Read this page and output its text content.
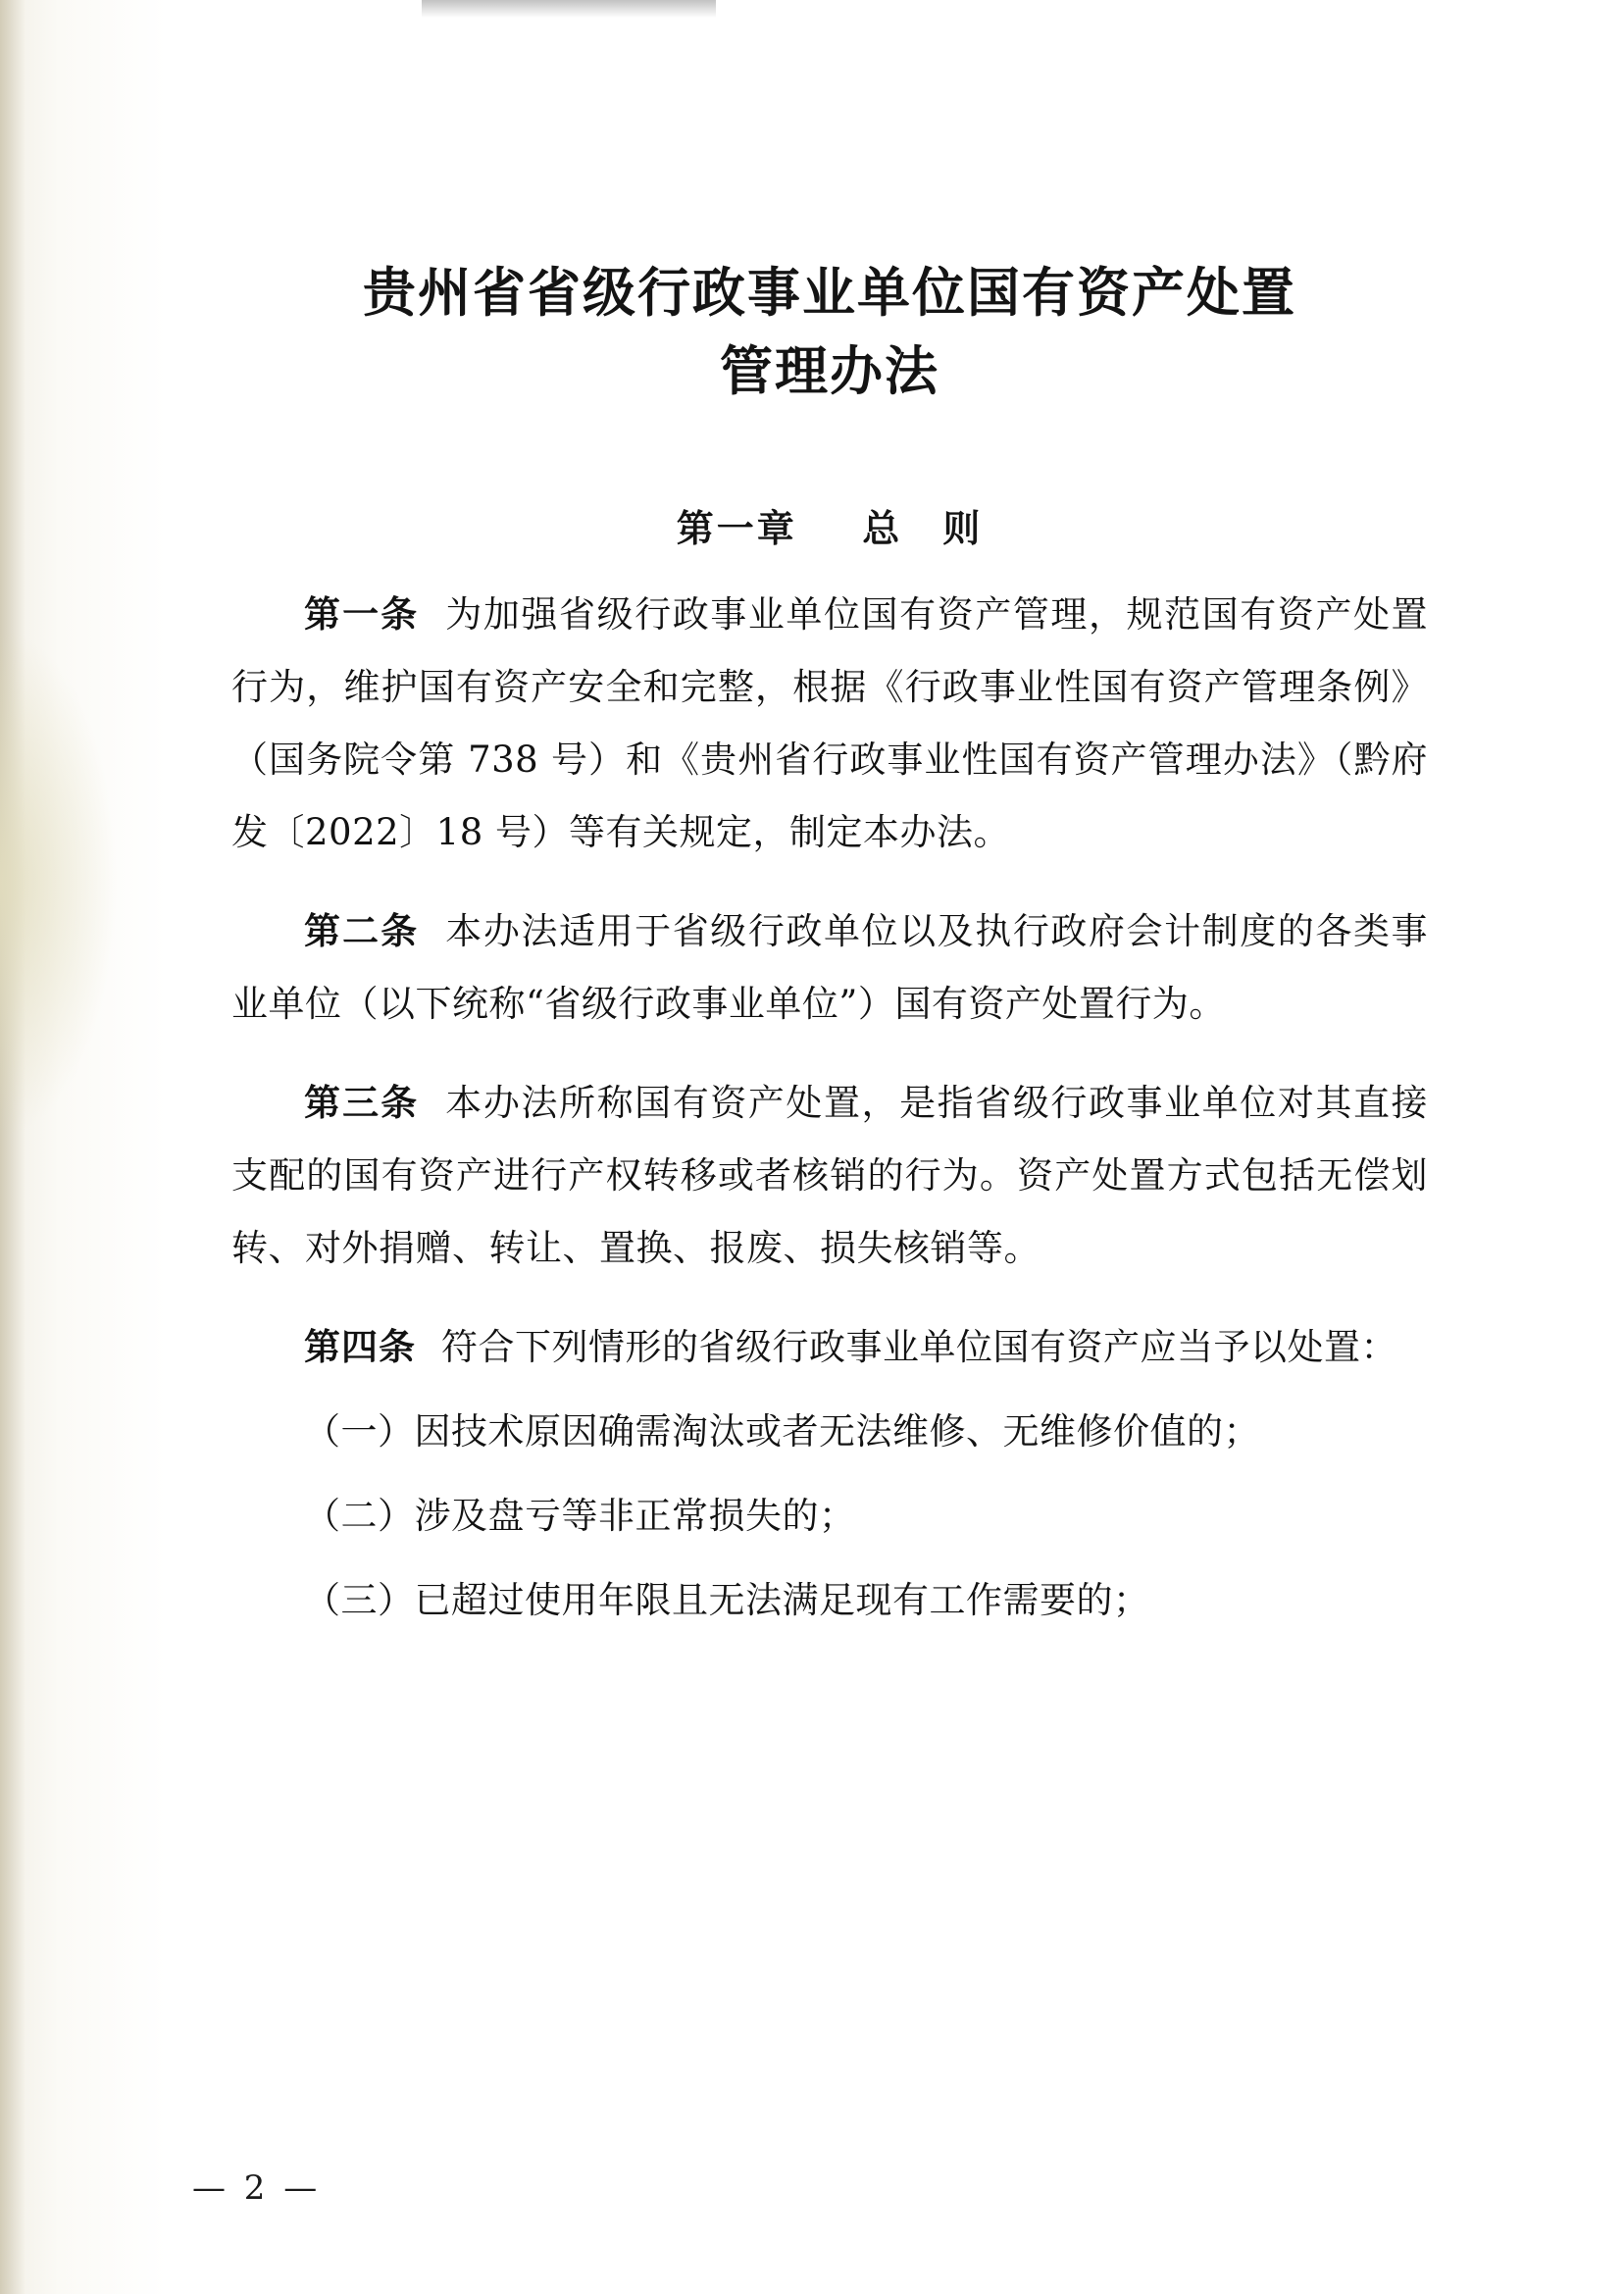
贵州省省级行政事业单位国有资产处置
管理办法
第一章 总　则

第一条 为加强省级行政事业单位国有资产管理，规范国有资产处置行为，维护国有资产安全和完整，根据《行政事业性国有资产管理条例》（国务院令第 738 号）和《贵州省行政事业性国有资产管理办法》（黔府发〔2022〕18 号）等有关规定，制定本办法。

第二条 本办法适用于省级行政单位以及执行政府会计制度的各类事业单位（以下统称“省级行政事业单位”）国有资产处置行为。

第三条 本办法所称国有资产处置，是指省级行政事业单位对其直接支配的国有资产进行产权转移或者核销的行为。资产处置方式包括无偿划转、对外捐赠、转让、置换、报废、损失核销等。

第四条 符合下列情形的省级行政事业单位国有资产应当予以处置：

（一）因技术原因确需淘汰或者无法维修、无维修价值的；

（二）涉及盘亏等非正常损失的；

（三）已超过使用年限且无法满足现有工作需要的；

— 2 —
